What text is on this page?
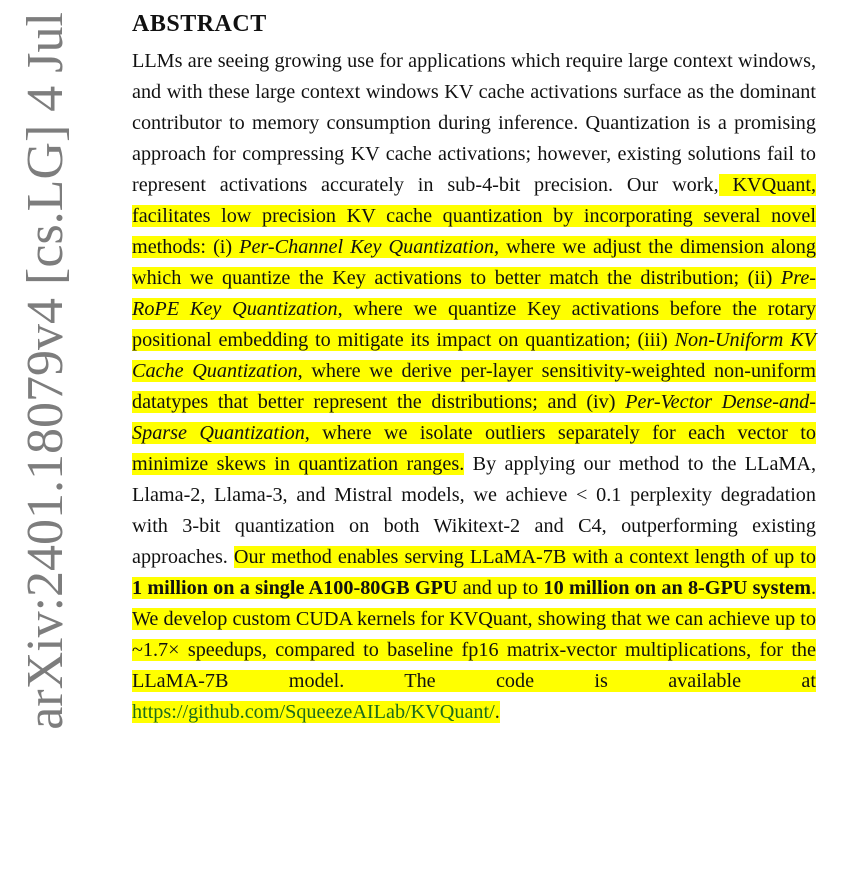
arXiv:2401.18079v4 [cs.LG] 4 Jul ABSTRACT

LLMs are seeing growing use for applications which require large context windows, and with these large context windows KV cache activations surface as the dominant contributor to memory consumption during inference. Quantization is a promising approach for compressing KV cache activations; however, existing solutions fail to represent activations accurately in sub-4-bit precision. Our work, KVQuant, facilitates low precision KV cache quantization by incorporating several novel methods: (i) Per-Channel Key Quantization, where we adjust the dimension along which we quantize the Key activations to better match the distribution; (ii) Pre-RoPE Key Quantization, where we quantize Key activations before the rotary positional embedding to mitigate its impact on quantization; (iii) Non-Uniform KV Cache Quantization, where we derive per-layer sensitivity-weighted non-uniform datatypes that better represent the distributions; and (iv) Per-Vector Dense-and-Sparse Quantization, where we isolate outliers separately for each vector to minimize skews in quantization ranges. By applying our method to the LLaMA, Llama-2, Llama-3, and Mistral models, we achieve < 0.1 perplexity degradation with 3-bit quantization on both Wikitext-2 and C4, outperforming existing approaches. Our method enables serving LLaMA-7B with a context length of up to 1 million on a single A100-80GB GPU and up to 10 million on an 8-GPU system. We develop custom CUDA kernels for KVQuant, showing that we can achieve up to ~1.7× speedups, compared to baseline fp16 matrix-vector multiplications, for the LLaMA-7B model. The code is available at https://github.com/SqueezeAILab/KVQuant/.
